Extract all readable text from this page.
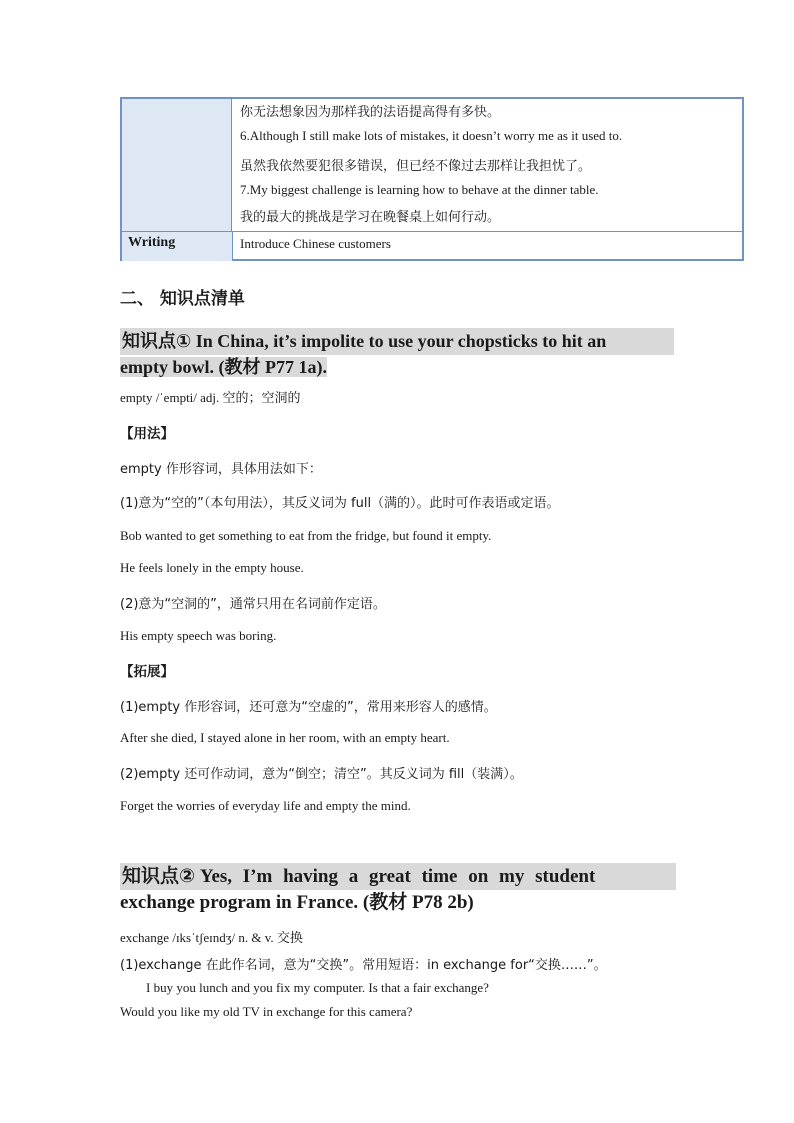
你无法想象因为那样我的法语提高得有多快。
6.Although I still make lots of mistakes, it doesn’t worry me as it used to.
虽然我依然要犯很多错误，但已经不像过去那样让我担忧了。
7.My biggest challenge is learning how to behave at the dinner table.
我的最大的挑战是学习在晚餐桌上如何行动。
Writing	Introduce Chinese customers
二、 知识点清单
知识点① In China, it’s impolite to use your chopsticks to hit an
empty bowl. (教材 P77 1a).
empty /ˈempti/ adj. 空的；空洞的
【用法】
empty 作形容词，具体用法如下：
(1)意为“空的”（本句用法），其反义词为 full（满的）。此时可作表语或定语。
Bob wanted to get something to eat from the fridge, but found it empty.
He feels lonely in the empty house.
(2)意为“空洞的”，通常只用在名词前作定语。
His empty speech was boring.
【拓展】
(1)empty 作形容词，还可意为“空虚的”，常用来形容人的感情。
After she died, I stayed alone in her room, with an empty heart.
(2)empty 还可作动词，意为“倒空；清空”。其反义词为 fill（装满）。
Forget the worries of everyday life and empty the mind.
知识点② Yes, I’m having a great time on my student
exchange program in France. (教材 P78 2b)
exchange /ɪksˈtʃeɪndʒ/ n. & v. 交换
(1)exchange 在此作名词，意为“交换”。常用短语：in exchange for“交换……”。
I buy you lunch and you fix my computer. Is that a fair exchange?
Would you like my old TV in exchange for this camera?
